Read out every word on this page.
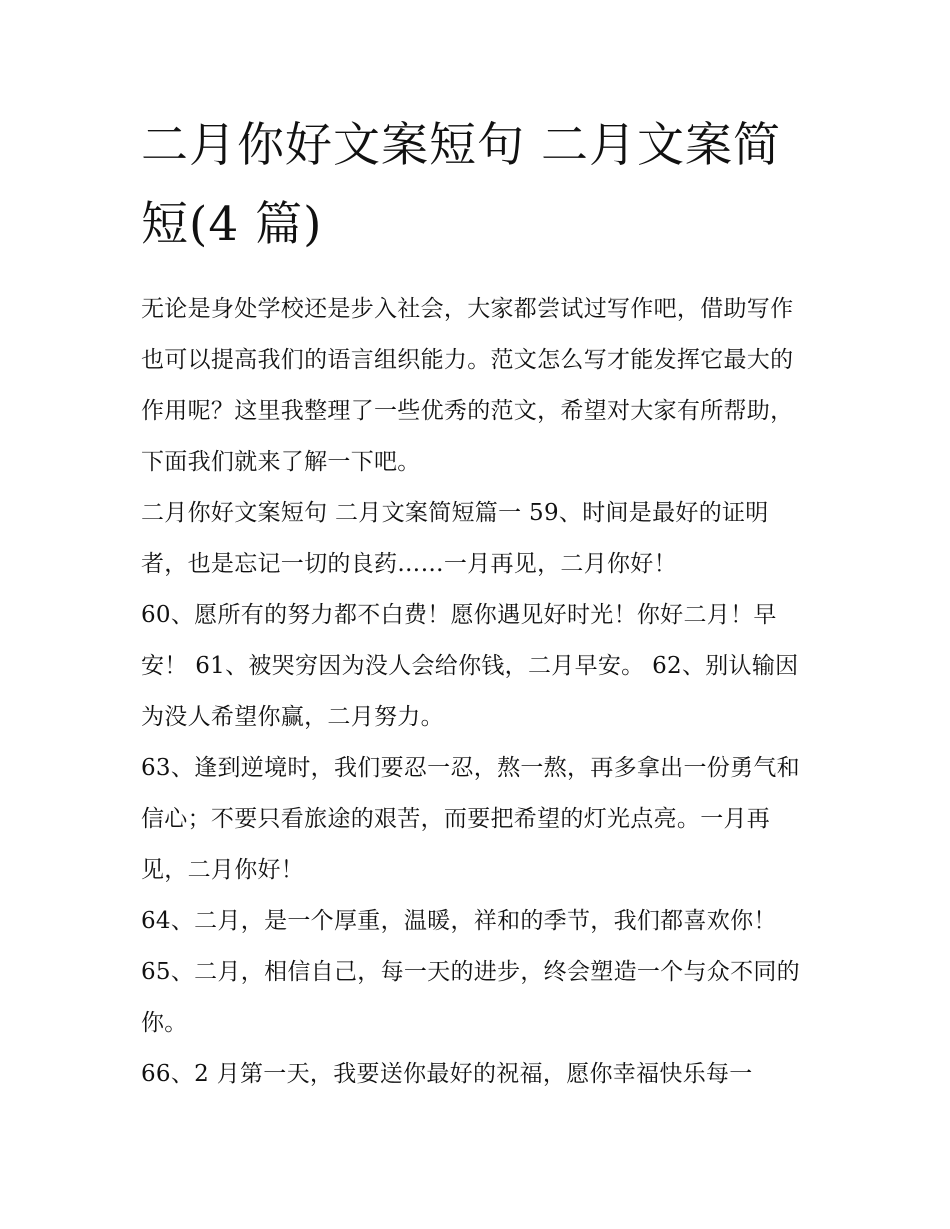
二月你好文案短句 二月文案简短(4 篇)

无论是身处学校还是步入社会，大家都尝试过写作吧，借助写作也可以提高我们的语言组织能力。范文怎么写才能发挥它最大的作用呢？这里我整理了一些优秀的范文，希望对大家有所帮助，下面我们就来了解一下吧。

二月你好文案短句 二月文案简短篇一 59、时间是最好的证明者，也是忘记一切的良药……一月再见，二月你好！

60、愿所有的努力都不白费！愿你遇见好时光！你好二月！早安！ 61、被哭穷因为没人会给你钱，二月早安。 62、别认输因为没人希望你赢，二月努力。

63、逢到逆境时，我们要忍一忍，熬一熬，再多拿出一份勇气和信心；不要只看旅途的艰苦，而要把希望的灯光点亮。一月再见，二月你好！

64、二月，是一个厚重，温暖，祥和的季节，我们都喜欢你！

65、二月，相信自己，每一天的进步，终会塑造一个与众不同的你。

66、2 月第一天，我要送你最好的祝福，愿你幸福快乐每一
